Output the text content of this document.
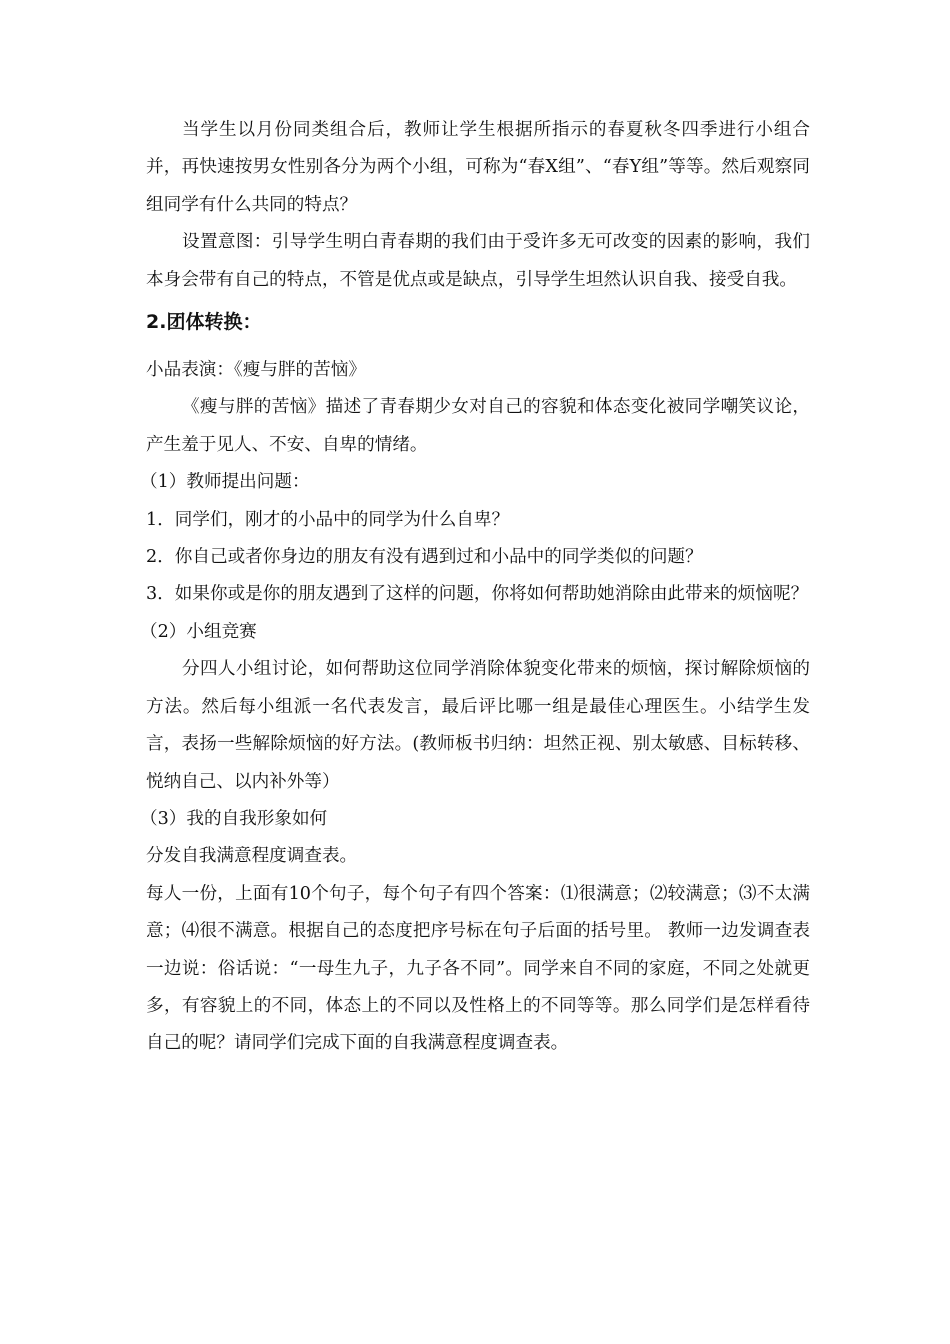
当学生以月份同类组合后，教师让学生根据所指示的春夏秋冬四季进行小组合并，再快速按男女性别各分为两个小组，可称为“春X组”、“春Y组”等等。然后观察同组同学有什么共同的特点？

设置意图：引导学生明白青春期的我们由于受许多无可改变的因素的影响，我们本身会带有自己的特点，不管是优点或是缺点，引导学生坦然认识自我、接受自我。

2.团体转换：

小品表演：《瘦与胖的苦恼》

《瘦与胖的苦恼》描述了青春期少女对自己的容貌和体态变化被同学嘲笑议论，产生羞于见人、不安、自卑的情绪。

（1）教师提出问题：

1．同学们，刚才的小品中的同学为什么自卑？

2．你自己或者你身边的朋友有没有遇到过和小品中的同学类似的问题？

3．如果你或是你的朋友遇到了这样的问题，你将如何帮助她消除由此带来的烦恼呢？

（2）小组竞赛

分四人小组讨论，如何帮助这位同学消除体貌变化带来的烦恼，探讨解除烦恼的方法。然后每小组派一名代表发言，最后评比哪一组是最佳心理医生。小结学生发言，表扬一些解除烦恼的好方法。(教师板书归纳：坦然正视、别太敏感、目标转移、悦纳自己、以内补外等）

（3）我的自我形象如何

分发自我满意程度调查表。

每人一份，上面有10个句子，每个句子有四个答案：⑴很满意；⑵较满意；⑶不太满意；⑷很不满意。根据自己的态度把序号标在句子后面的括号里。 教师一边发调查表一边说：俗话说：“一母生九子，九子各不同”。同学来自不同的家庭，不同之处就更多，有容貌上的不同，体态上的不同以及性格上的不同等等。那么同学们是怎样看待自己的呢？请同学们完成下面的自我满意程度调查表。
